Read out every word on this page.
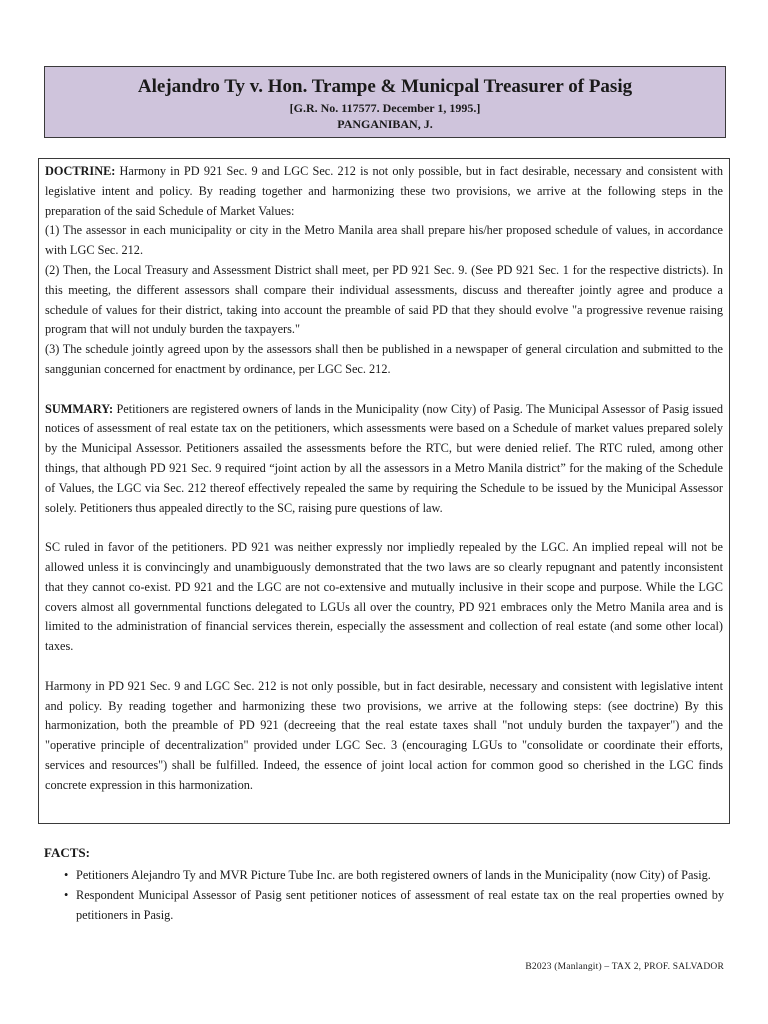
Alejandro Ty v. Hon. Trampe & Municpal Treasurer of Pasig
[G.R. No. 117577. December 1, 1995.]
PANGANIBAN, J.

DOCTRINE: Harmony in PD 921 Sec. 9 and LGC Sec. 212 is not only possible, but in fact desirable, necessary and consistent with legislative intent and policy. By reading together and harmonizing these two provisions, we arrive at the following steps in the preparation of the said Schedule of Market Values:

(1) The assessor in each municipality or city in the Metro Manila area shall prepare his/her proposed schedule of values, in accordance with LGC Sec. 212.

(2) Then, the Local Treasury and Assessment District shall meet, per PD 921 Sec. 9. (See PD 921 Sec. 1 for the respective districts). In this meeting, the different assessors shall compare their individual assessments, discuss and thereafter jointly agree and produce a schedule of values for their district, taking into account the preamble of said PD that they should evolve "a progressive revenue raising program that will not unduly burden the taxpayers."

(3) The schedule jointly agreed upon by the assessors shall then be published in a newspaper of general circulation and submitted to the sanggunian concerned for enactment by ordinance, per LGC Sec. 212.

SUMMARY: Petitioners are registered owners of lands in the Municipality (now City) of Pasig. The Municipal Assessor of Pasig issued notices of assessment of real estate tax on the petitioners, which assessments were based on a Schedule of market values prepared solely by the Municipal Assessor. Petitioners assailed the assessments before the RTC, but were denied relief. The RTC ruled, among other things, that although PD 921 Sec. 9 required “joint action by all the assessors in a Metro Manila district” for the making of the Schedule of Values, the LGC via Sec. 212 thereof effectively repealed the same by requiring the Schedule to be issued by the Municipal Assessor solely. Petitioners thus appealed directly to the SC, raising pure questions of law.

SC ruled in favor of the petitioners. PD 921 was neither expressly nor impliedly repealed by the LGC. An implied repeal will not be allowed unless it is convincingly and unambiguously demonstrated that the two laws are so clearly repugnant and patently inconsistent that they cannot co-exist. PD 921 and the LGC are not co-extensive and mutually inclusive in their scope and purpose. While the LGC covers almost all governmental functions delegated to LGUs all over the country, PD 921 embraces only the Metro Manila area and is limited to the administration of financial services therein, especially the assessment and collection of real estate (and some other local) taxes.

Harmony in PD 921 Sec. 9 and LGC Sec. 212 is not only possible, but in fact desirable, necessary and consistent with legislative intent and policy. By reading together and harmonizing these two provisions, we arrive at the following steps: (see doctrine) By this harmonization, both the preamble of PD 921 (decreeing that the real estate taxes shall "not unduly burden the taxpayer") and the "operative principle of decentralization" provided under LGC Sec. 3 (encouraging LGUs to "consolidate or coordinate their efforts, services and resources") shall be fulfilled. Indeed, the essence of joint local action for common good so cherished in the LGC finds concrete expression in this harmonization.

FACTS:
• Petitioners Alejandro Ty and MVR Picture Tube Inc. are both registered owners of lands in the Municipality (now City) of Pasig.
• Respondent Municipal Assessor of Pasig sent petitioner notices of assessment of real estate tax on the real properties owned by petitioners in Pasig.
B2023 (Manlangit) – TAX 2, PROF. SALVADOR
